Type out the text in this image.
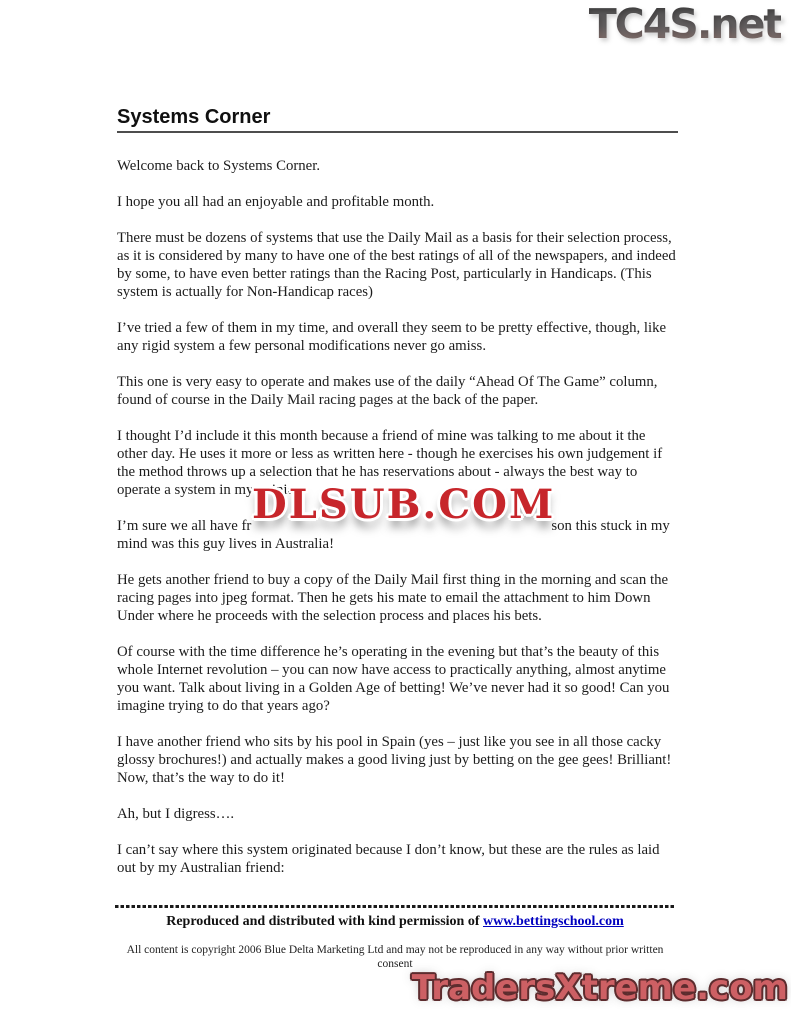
TC4S.net
Systems Corner

Welcome back to Systems Corner.

I hope you all had an enjoyable and profitable month.

There must be dozens of systems that use the Daily Mail as a basis for their selection process, as it is considered by many to have one of the best ratings of all of the newspapers, and indeed by some, to have even better ratings than the Racing Post, particularly in Handicaps. (This system is actually for Non-Handicap races)

I’ve tried a few of them in my time, and overall they seem to be pretty effective, though, like any rigid system a few personal modifications never go amiss.

This one is very easy to operate and makes use of the daily “Ahead Of The Game” column, found of course in the Daily Mail racing pages at the back of the paper.

I thought I’d include it this month because a friend of mine was talking to me about it the other day. He uses it more or less as written here - though he exercises his own judgement if the method throws up a selection that he has reservations about - always the best way to operate a system in my opinion.

I’m sure we all have fr	son this stuck in my
mind was this guy lives in Australia!

He gets another friend to buy a copy of the Daily Mail first thing in the morning and scan the racing pages into jpeg format. Then he gets his mate to email the attachment to him Down Under where he proceeds with the selection process and places his bets.

Of course with the time difference he’s operating in the evening but that’s the beauty of this whole Internet revolution – you can now have access to practically anything, almost anytime you want. Talk about living in a Golden Age of betting! We’ve never had it so good! Can you imagine trying to do that years ago?

I have another friend who sits by his pool in Spain (yes – just like you see in all those cacky glossy brochures!) and actually makes a good living just by betting on the gee gees! Brilliant! Now, that’s the way to do it!

Ah, but I digress….

I can’t say where this system originated because I don’t know, but these are the rules as laid out by my Australian friend:

DLSUB.COM
Reproduced and distributed with kind permission of www.bettingschool.com
All content is copyright 2006 Blue Delta Marketing Ltd and may not be reproduced in any way without prior written consent
TradersXtreme.com
